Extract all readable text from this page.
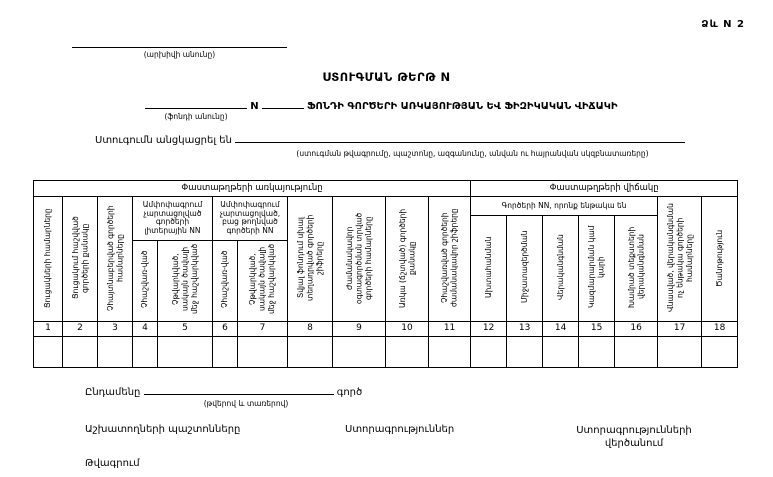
Ձև N 2
(արխիվի անունը)
ՍՏՈՒԳՄԱՆ ԹԵՐԹ N
N	ՖՈՆԴԻ ԳՈՐԾԵՐԻ ԱՌԿԱՅՈՒԹՅԱՆ ԵՎ ՖԻԶԻԿԱԿԱՆ ՎԻՃԱԿԻ
(ֆոնդի անունը)
Ստուգումն անցկացրել են
(ստուգման թվագրումը, պաշտոնը, ազգանունը, անվան ու հայրանվան սկզբնատառերը)
Փաստաթղթերի առկայությունը											Փաստաթղթերի վիճակը						
Ցուցակների համարները	Ցուցակում հաշվված գործերի քանակը	Չհայտնաբերված գործերի համարները	Ամփոփագրում չարտացոլված գործերի լիտերային NN		Ամփոփագրում չարտացոլված, բաց թողնված գործերի NN		Տվյալ ֆոնդում սխալ տեղադրված գործերի շիֆրերը	Ժամանակավոր օգտագործման տրված գործերի համարները	Առկա (ճշտված) գործերի քանակը	Չհաշվառված գործերի ժամանակավոր շիֆրերը	Գործերի NN, որոնք ենթակա են					Վնասված, վերականգնման ոչ ենթակա գործերի համարները	Ծանոթություն
											Ախտահանման	Միջատազերծման	Վերականգնման	Կազմարարման կամ կարի	Խամրած տեքստերի վերականգնման		
			Չհաշվառ-ված	Չթվարկված, սակայն ծավալի մեջ հաշվարկված	Չհաշվառ-ված	Չթվարկված, սակայն ծավալի մեջ հաշվարկված											
1	2	3	4	5	6	7	8	9	10	11	12	13	14	15	16	17	18

Ընդամենը	գործ
(թվերով և տառերով)
Աշխատողների պաշտոնները	Ստորագրություններ	Ստորագրությունների վերծանում
Թվագրում
